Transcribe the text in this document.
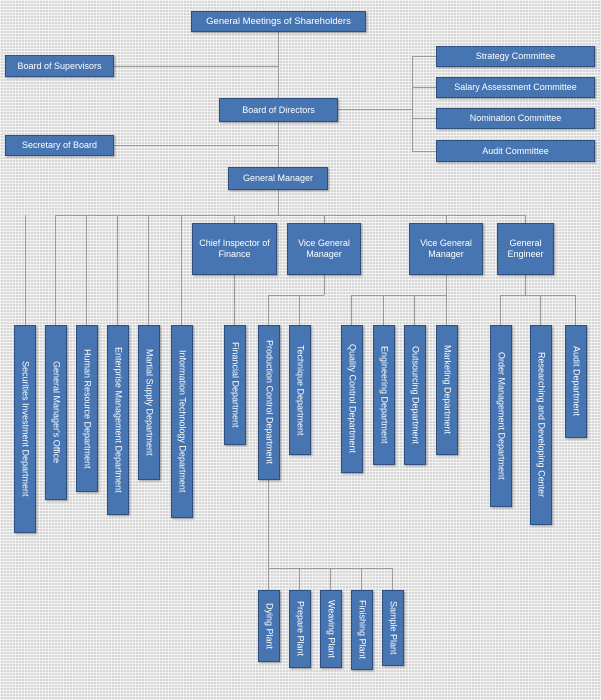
General Meetings of Shareholders
Board of Supervisors
Board of Directors
Secretary of Board
Strategy Committee
Salary Assessment Committee
Nomination Committee
Audit Committee
General Manager
Chief Inspector of Finance
Vice General Manager
Vice General Manager
General Engineer
Securities Investment Department General Manager's Office Human Resource Department Enterprise Management Department Martial Supply Department	Information Technology Department	Financial Department	Production Control Department Technique Department	Quality Control Department Engineering Department Outsourcing Department Marketing Department	Order Management Department	Researching and Developing Center	Audit Department
Dying Plant Prepare Plant Weaving Plant Finishing Plant Sample Plant
